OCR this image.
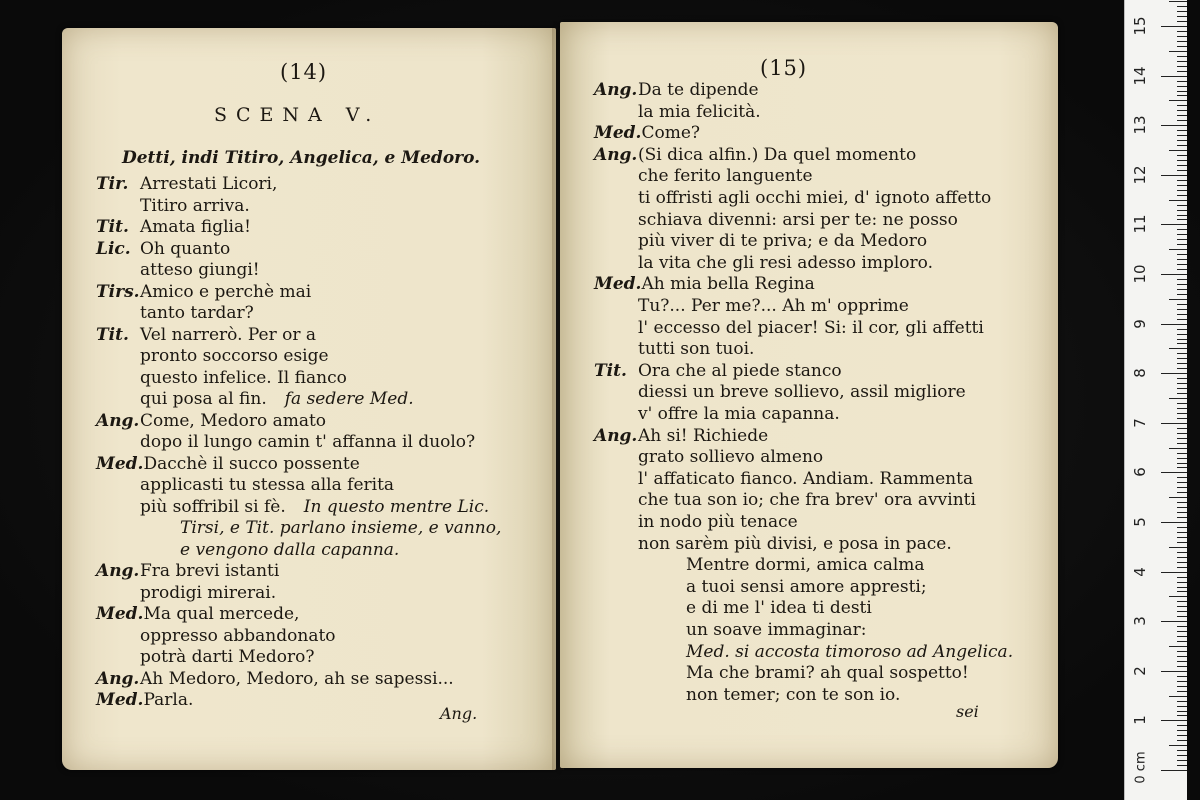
(14)
SCENA V.
Detti, indi Titiro, Angelica, e Medoro.
Tir. Arrestati Licori,
Titiro arriva.
Tit. Amata figlia!
Lic. Oh quanto
atteso giungi!
Tirs.Amico e perchè mai
tanto tardar?
Tit. Vel narrerò. Per or a
pronto soccorso esige
questo infelice. Il fianco
qui posa al fin. fa sedere Med.
Ang.Come, Medoro amato
dopo il lungo camin t' affanna il duolo?
Med.Dacchè il succo possente
applicasti tu stessa alla ferita
più soffribil si fè. In questo mentre Lic.
Tirsi, e Tit. parlano insieme, e vanno,
e vengono dalla capanna.
Ang.Fra brevi istanti
prodigi mirerai.
Med.Ma qual mercede,
oppresso abbandonato
potrà darti Medoro?
Ang.Ah Medoro, Medoro, ah se sapessi...
Med.Parla.
Ang.
(15)
Ang.Da te dipende
la mia felicità.
Med.Come?
Ang.(Si dica alfin.) Da quel momento
che ferito languente
ti offristi agli occhi miei, d' ignoto affetto
schiava divenni: arsi per te: ne posso
più viver di te priva; e da Medoro
la vita che gli resi adesso imploro.
Med.Ah mia bella Regina
Tu?... Per me?... Ah m' opprime
l' eccesso del piacer! Si: il cor, gli affetti
tutti son tuoi.
Tit. Ora che al piede stanco
diessi un breve sollievo, assil migliore
v' offre la mia capanna.
Ang.Ah si! Richiede
grato sollievo almeno
l' affaticato fianco. Andiam. Rammenta
che tua son io; che fra brev' ora avvinti
in nodo più tenace
non sarèm più divisi, e posa in pace.
Mentre dormi, amica calma
a tuoi sensi amore appresti;
e di me l' idea ti desti
un soave immaginar:
Med. si accosta timoroso ad Angelica.
Ma che brami? ah qual sospetto!
non temer; con te son io.
sei	1
2
3
4
5
6
7
8
9
10
11
12
13
14
15
0 cm
